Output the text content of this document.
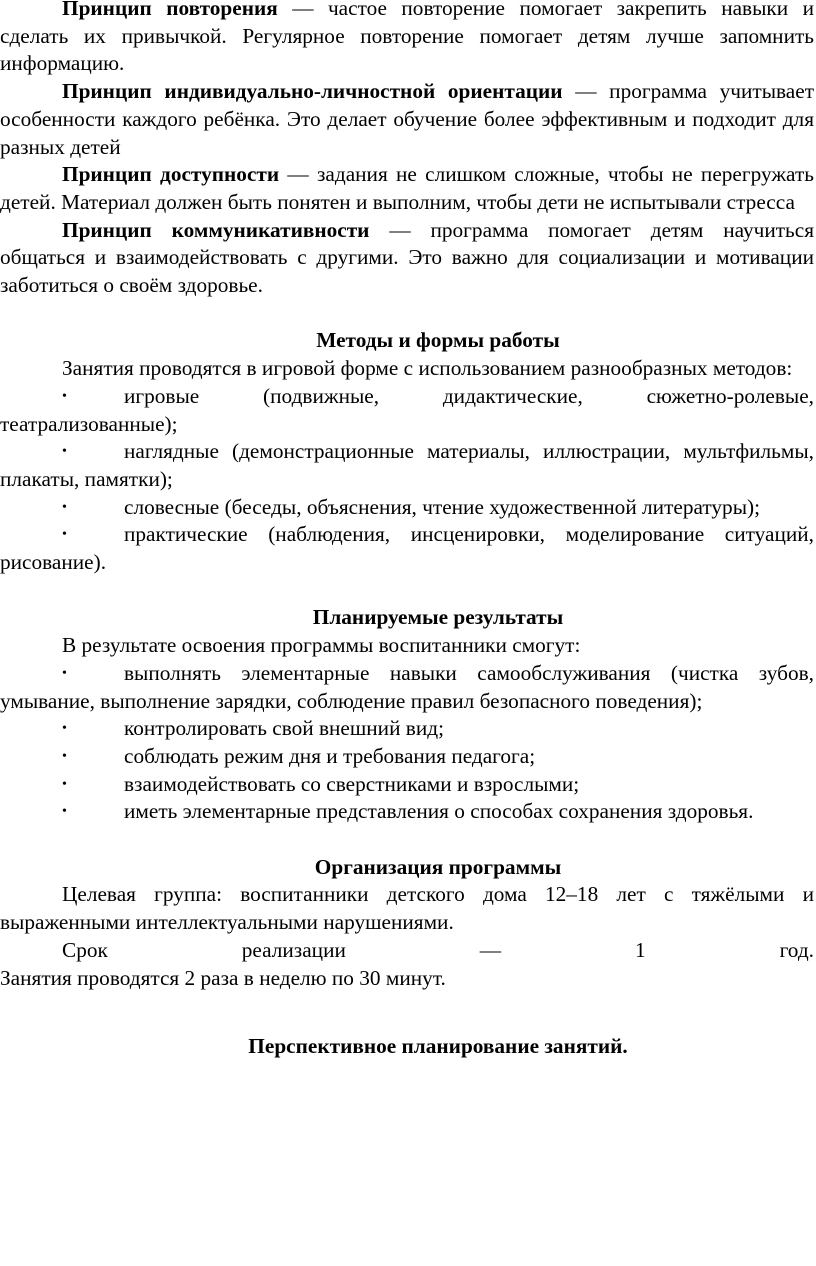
Принцип повторения — частое повторение помогает закрепить навыки и сделать их привычкой. Регулярное повторение помогает детям лучше запомнить информацию.

Принцип индивидуально-личностной ориентации — программа учитывает особенности каждого ребёнка. Это делает обучение более эффективным и подходит для разных детей

Принцип доступности — задания не слишком сложные, чтобы не перегружать детей. Материал должен быть понятен и выполним, чтобы дети не испытывали стресса

Принцип коммуникативности — программа помогает детям научиться общаться и взаимодействовать с другими. Это важно для социализации и мотивации заботиться о своём здоровье.

Методы и формы работы

Занятия проводятся в игровой форме с использованием разнообразных методов:

•	игровые (подвижные, дидактические, сюжетно-ролевые, театрализованные);

•	наглядные (демонстрационные материалы, иллюстрации, мультфильмы, плакаты, памятки);

•	словесные (беседы, объяснения, чтение художественной литературы);

•	практические (наблюдения, инсценировки, моделирование ситуаций, рисование).

Планируемые результаты

В результате освоения программы воспитанники смогут:

•	выполнять элементарные навыки самообслуживания (чистка зубов, умывание, выполнение зарядки, соблюдение правил безопасного поведения);

•	контролировать свой внешний вид;

•	соблюдать режим дня и требования педагога;

•	взаимодействовать со сверстниками и взрослыми;

•	иметь элементарные представления о способах сохранения здоровья.

Организация программы

Целевая группа: воспитанники детского дома 12–18 лет с тяжёлыми и выраженными интеллектуальными нарушениями.

Срок реализации — 1 год.

Занятия проводятся 2 раза в неделю по 30 минут.

Перспективное планирование занятий.
